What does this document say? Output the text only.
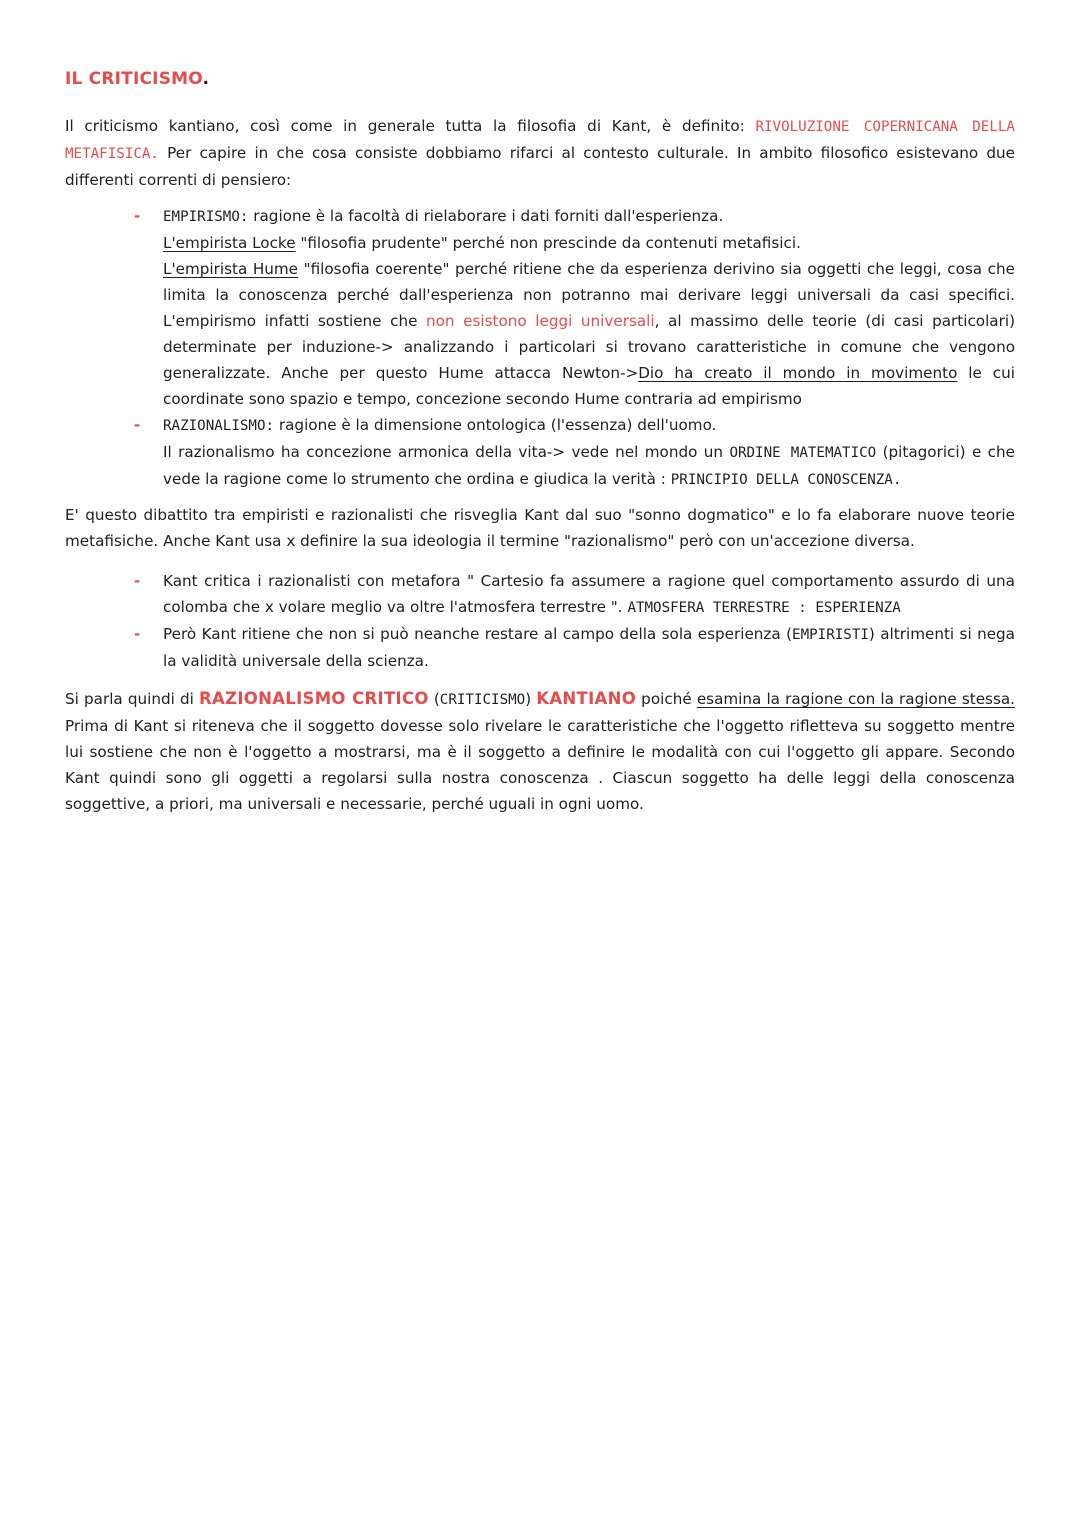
IL CRITICISMO.

Il criticismo kantiano, così come in generale tutta la filosofia di Kant, è definito: RIVOLUZIONE COPERNICANA DELLA METAFISICA. Per capire in che cosa consiste dobbiamo rifarci al contesto culturale. In ambito filosofico esistevano due differenti correnti di pensiero:

- EMPIRISMO: ragione è la facoltà di rielaborare i dati forniti dall'esperienza.
L'empirista Locke "filosofia prudente" perché non prescinde da contenuti metafisici.
L'empirista Hume "filosofia coerente" perché ritiene che da esperienza derivino sia oggetti che leggi, cosa che limita la conoscenza perché dall'esperienza non potranno mai derivare leggi universali da casi specifici. L'empirismo infatti sostiene che non esistono leggi universali, al massimo delle teorie (di casi particolari) determinate per induzione-> analizzando i particolari si trovano caratteristiche in comune che vengono generalizzate. Anche per questo Hume attacca Newton->Dio ha creato il mondo in movimento le cui coordinate sono spazio e tempo, concezione secondo Hume contraria ad empirismo
- RAZIONALISMO: ragione è la dimensione ontologica (l'essenza) dell'uomo.
Il razionalismo ha concezione armonica della vita-> vede nel mondo un ORDINE MATEMATICO (pitagorici) e che vede la ragione come lo strumento che ordina e giudica la verità : PRINCIPIO DELLA CONOSCENZA.

E' questo dibattito tra empiristi e razionalisti che risveglia Kant dal suo "sonno dogmatico" e lo fa elaborare nuove teorie metafisiche. Anche Kant usa x definire la sua ideologia il termine "razionalismo" però con un'accezione diversa.

- Kant critica i razionalisti con metafora " Cartesio fa assumere a ragione quel comportamento assurdo di una colomba che x volare meglio va oltre l'atmosfera terrestre ". ATMOSFERA TERRESTRE : ESPERIENZA
- Però Kant ritiene che non si può neanche restare al campo della sola esperienza (EMPIRISTI) altrimenti si nega la validità universale della scienza.

Si parla quindi di RAZIONALISMO CRITICO (CRITICISMO) KANTIANO poiché esamina la ragione con la ragione stessa. Prima di Kant si riteneva che il soggetto dovesse solo rivelare le caratteristiche che l'oggetto rifletteva su soggetto mentre lui sostiene che non è l'oggetto a mostrarsi, ma è il soggetto a definire le modalità con cui l'oggetto gli appare. Secondo Kant quindi sono gli oggetti a regolarsi sulla nostra conoscenza . Ciascun soggetto ha delle leggi della conoscenza soggettive, a priori, ma universali e necessarie, perché uguali in ogni uomo.
